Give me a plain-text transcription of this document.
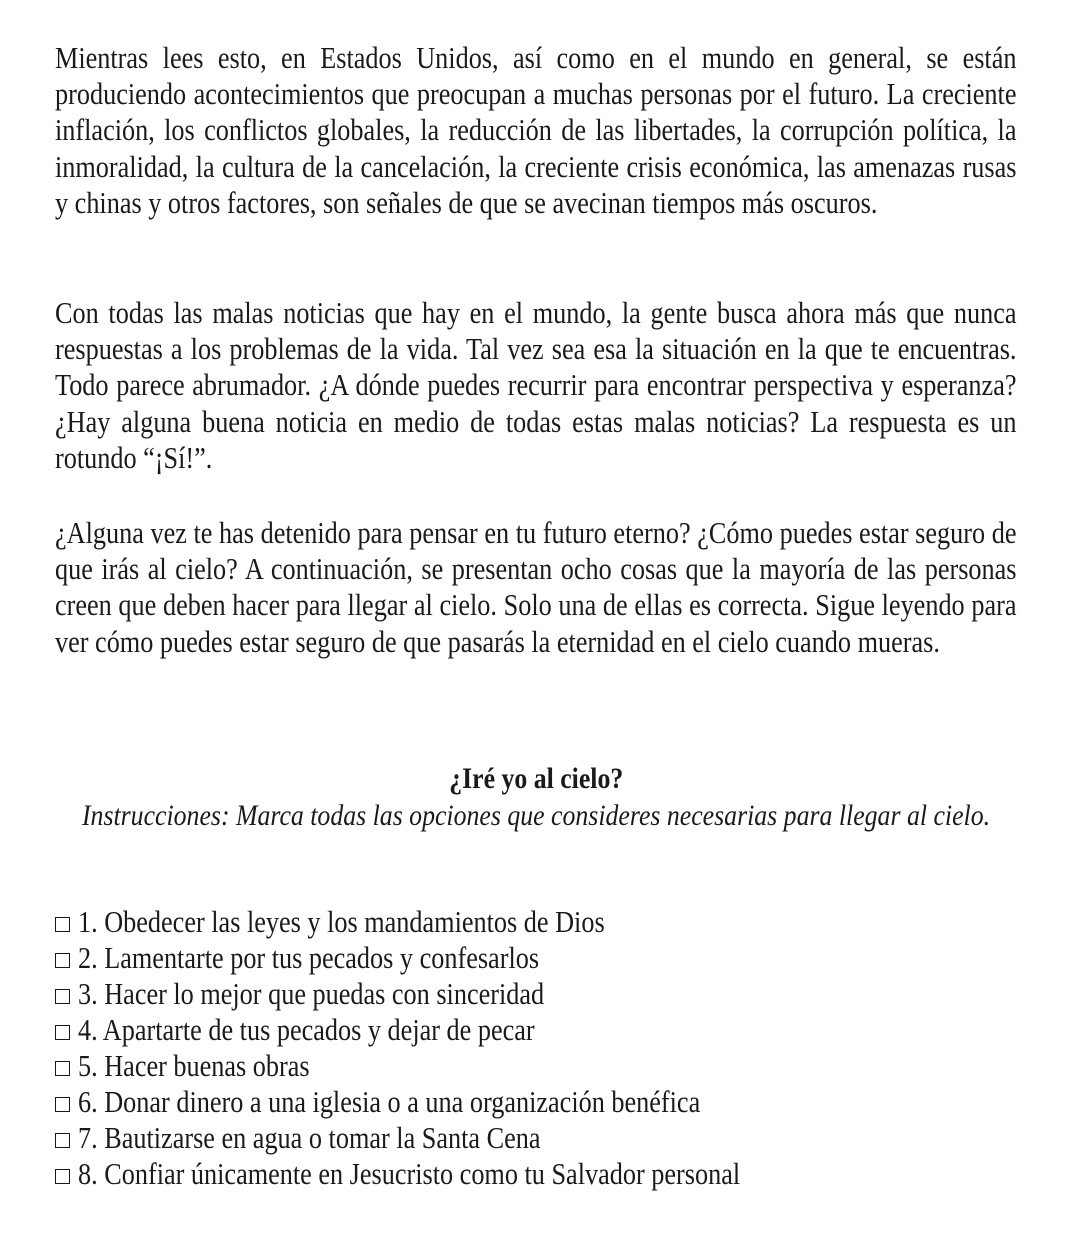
Mientras lees esto, en Estados Unidos, así como en el mundo en general, se están produciendo acontecimientos que preocupan a muchas personas por el futuro. La creciente inflación, los conflictos globales, la reducción de las libertades, la corrupción política, la inmoralidad, la cultura de la cancelación, la creciente crisis económica, las amenazas rusas y chinas y otros factores, son señales de que se avecinan tiempos más oscuros.

Con todas las malas noticias que hay en el mundo, la gente busca ahora más que nunca respuestas a los problemas de la vida. Tal vez sea esa la situación en la que te encuentras. Todo parece abrumador. ¿A dónde puedes recurrir para encontrar perspectiva y esperanza? ¿Hay alguna buena noticia en medio de todas estas malas noticias? La respuesta es un rotundo “¡Sí!”.

¿Alguna vez te has detenido para pensar en tu futuro eterno? ¿Cómo puedes estar seguro de que irás al cielo? A continuación, se presentan ocho cosas que la mayoría de las personas creen que deben hacer para llegar al cielo. Solo una de ellas es correcta. Sigue leyendo para ver cómo puedes estar seguro de que pasarás la eternidad en el cielo cuando mueras.

¿Iré yo al cielo?

Instrucciones: Marca todas las opciones que consideres necesarias para llegar al cielo.

1. Obedecer las leyes y los mandamientos de Dios
2. Lamentarte por tus pecados y confesarlos
3. Hacer lo mejor que puedas con sinceridad
4. Apartarte de tus pecados y dejar de pecar
5. Hacer buenas obras
6. Donar dinero a una iglesia o a una organización benéfica
7. Bautizarse en agua o tomar la Santa Cena
8. Confiar únicamente en Jesucristo como tu Salvador personal
